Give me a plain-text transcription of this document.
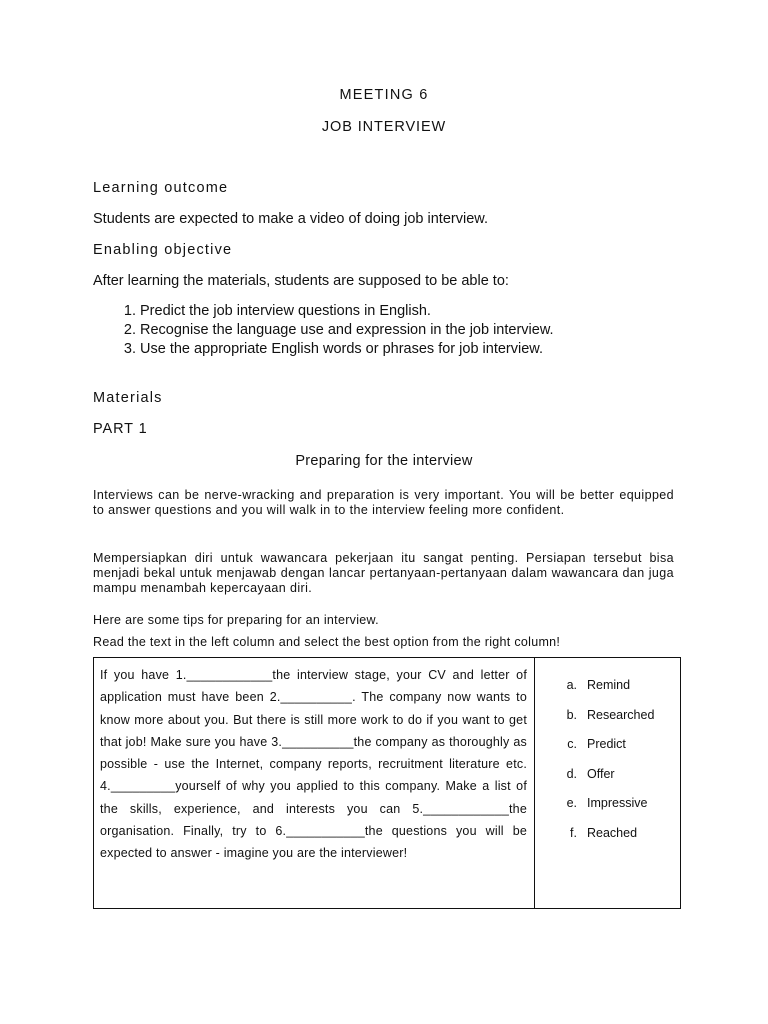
MEETING 6
JOB INTERVIEW
Learning outcome
Students are expected to make a video of doing job interview.
Enabling objective
After learning the materials, students are supposed to be able to:
1. Predict the job interview questions in English.
2. Recognise the language use and expression in the job interview.
3. Use the appropriate English words or phrases for job interview.
Materials
PART 1
Preparing for the interview
Interviews can be nerve-wracking and preparation is very important. You will be better equipped to answer questions and you will walk in to the interview feeling more confident.
Mempersiapkan diri untuk wawancara pekerjaan itu sangat penting. Persiapan tersebut bisa menjadi bekal untuk menjawab dengan lancar pertanyaan-pertanyaan dalam wawancara dan juga mampu menambah kepercayaan diri.
Here are some tips for preparing for an interview.
Read the text in the left column and select the best option from the right column!
If you have 1.____________the interview stage, your CV and letter of application must have been 2.__________. The company now wants to know more about you. But there is still more work to do if you want to get that job! Make sure you have 3.__________the company as thoroughly as possible - use the Internet, company reports, recruitment literature etc. 4._________yourself of why you applied to this company. Make a list of the skills, experience, and interests you can 5.____________the organisation. Finally, try to 6.___________the questions you will be expected to answer - imagine you are the interviewer!

a. Remind
b. Researched
c. Predict
d. Offer
e. Impressive
f. Reached
